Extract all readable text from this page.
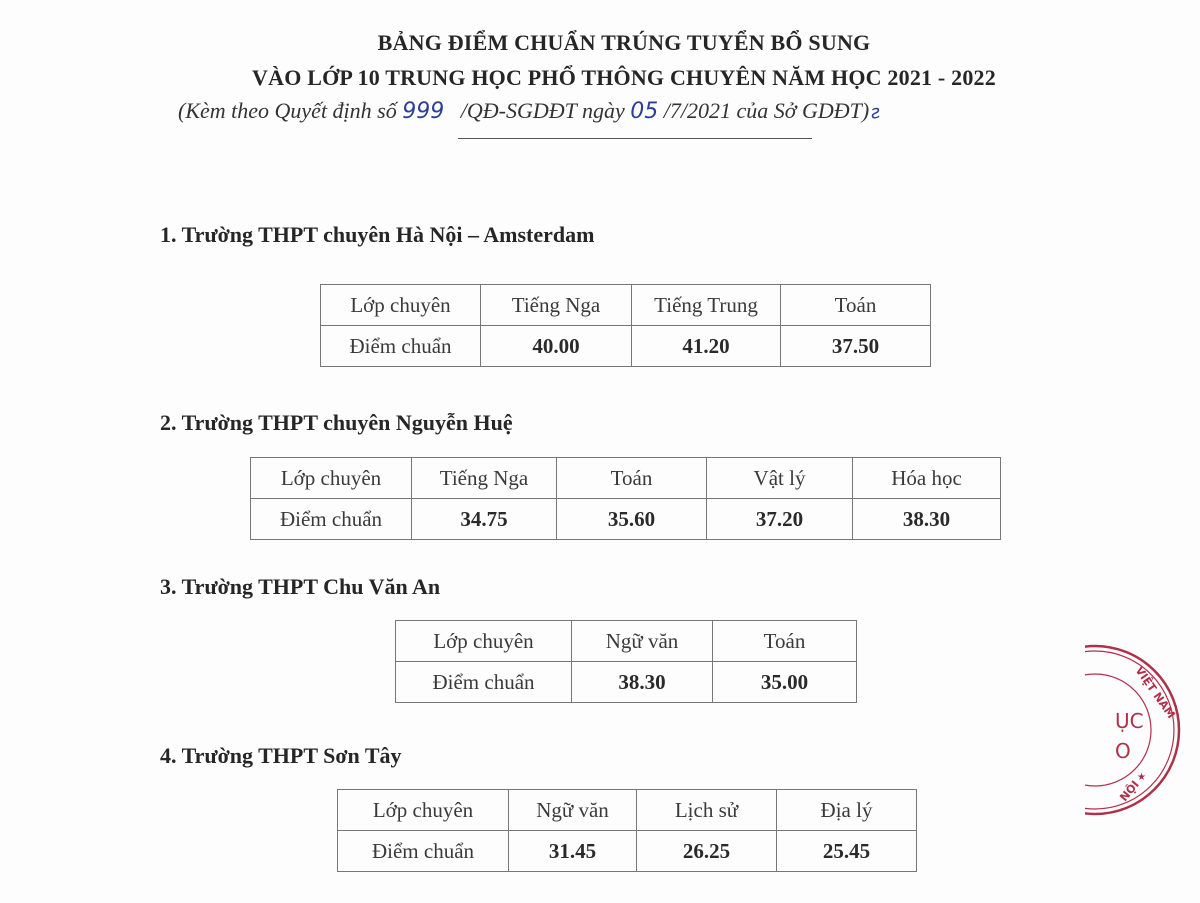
BẢNG ĐIỂM CHUẨN TRÚNG TUYỂN BỔ SUNG
VÀO LỚP 10 TRUNG HỌC PHỔ THÔNG CHUYÊN NĂM HỌC 2021 - 2022
(Kèm theo Quyết định số 999   /QĐ-SGDĐT ngày 05 /7/2021 của Sở GDĐT)ƨ
1. Trường THPT chuyên Hà Nội – Amsterdam
Lớp chuyên	Tiếng Nga	Tiếng Trung	Toán
Điểm chuẩn	40.00	41.20	37.50
2. Trường THPT chuyên Nguyễn Huệ
Lớp chuyên	Tiếng Nga	Toán	Vật lý	Hóa học
Điểm chuẩn	34.75	35.60	37.20	38.30
3. Trường THPT Chu Văn An
Lớp chuyên	Ngữ văn	Toán
Điểm chuẩn	38.30	35.00
4. Trường THPT Sơn Tây
Lớp chuyên	Ngữ văn	Lịch sử	Địa lý
Điểm chuẩn	31.45	26.25	25.45
VIỆT NAM
NỘI
★
ỤC
O
